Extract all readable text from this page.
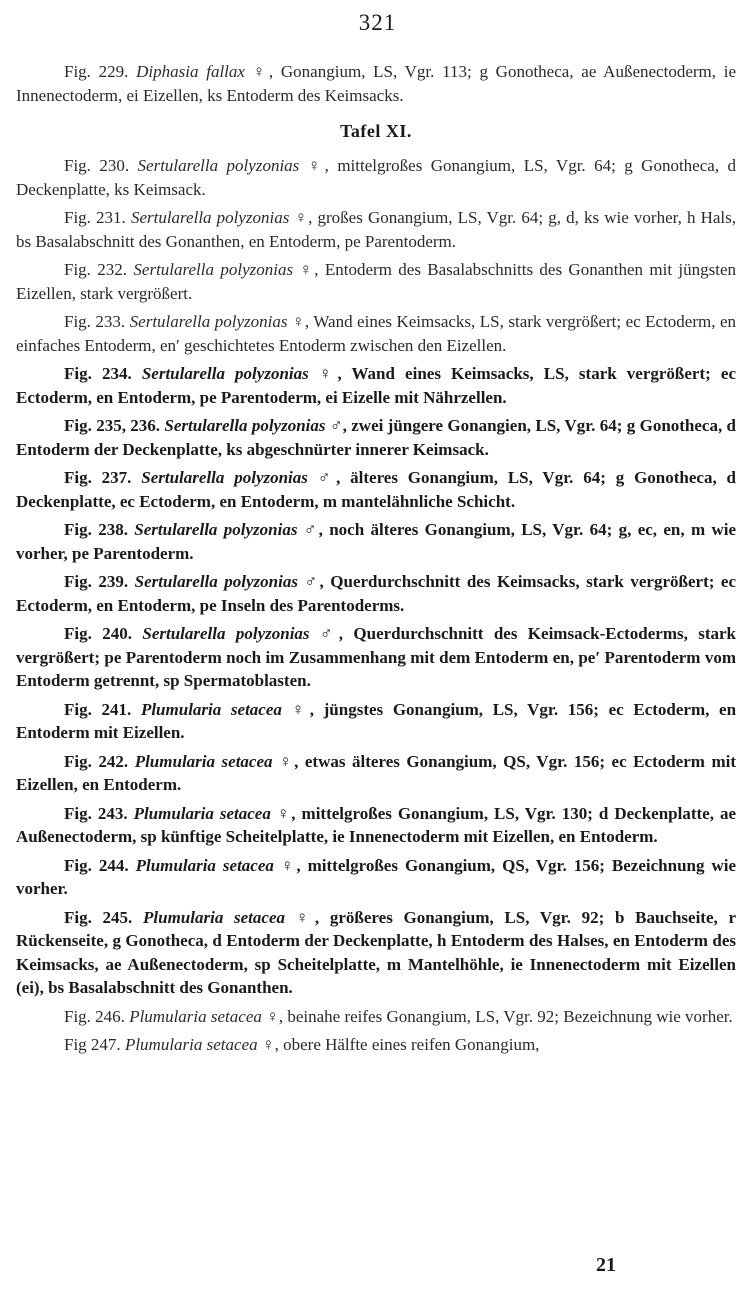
321

Fig. 229. Diphasia fallax ♀, Gonangium, LS, Vgr. 113; g Gonotheca, ae Außenectoderm, ie Innenectoderm, ei Eizellen, ks Entoderm des Keimsacks.

Tafel XI.

Fig. 230. Sertularella polyzonias ♀, mittelgroßes Gonangium, LS, Vgr. 64; g Gonotheca, d Deckenplatte, ks Keimsack.

Fig. 231. Sertularella polyzonias ♀, großes Gonangium, LS, Vgr. 64; g, d, ks wie vorher, h Hals, bs Basalabschnitt des Gonanthen, en Entoderm, pe Parentoderm.

Fig. 232. Sertularella polyzonias ♀, Entoderm des Basalabschnitts des Gonanthen mit jüngsten Eizellen, stark vergrößert.

Fig. 233. Sertularella polyzonias ♀, Wand eines Keimsacks, LS, stark vergrößert; ec Ectoderm, en einfaches Entoderm, en′ geschichtetes Entoderm zwischen den Eizellen.

Fig. 234. Sertularella polyzonias ♀, Wand eines Keimsacks, LS, stark vergrößert; ec Ectoderm, en Entoderm, pe Parentoderm, ei Eizelle mit Nährzellen.

Fig. 235, 236. Sertularella polyzonias ♂, zwei jüngere Gonangien, LS, Vgr. 64; g Gonotheca, d Entoderm der Deckenplatte, ks abgeschnürter innerer Keimsack.

Fig. 237. Sertularella polyzonias ♂, älteres Gonangium, LS, Vgr. 64; g Gonotheca, d Deckenplatte, ec Ectoderm, en Entoderm, m mantelähnliche Schicht.

Fig. 238. Sertularella polyzonias ♂, noch älteres Gonangium, LS, Vgr. 64; g, ec, en, m wie vorher, pe Parentoderm.

Fig. 239. Sertularella polyzonias ♂, Querdurchschnitt des Keimsacks, stark vergrößert; ec Ectoderm, en Entoderm, pe Inseln des Parentoderms.

Fig. 240. Sertularella polyzonias ♂, Querdurchschnitt des Keimsack-Ectoderms, stark vergrößert; pe Parentoderm noch im Zusammenhang mit dem Entoderm en, pe′ Parentoderm vom Entoderm getrennt, sp Spermatoblasten.

Fig. 241. Plumularia setacea ♀, jüngstes Gonangium, LS, Vgr. 156; ec Ectoderm, en Entoderm mit Eizellen.

Fig. 242. Plumularia setacea ♀, etwas älteres Gonangium, QS, Vgr. 156; ec Ectoderm mit Eizellen, en Entoderm.

Fig. 243. Plumularia setacea ♀, mittelgroßes Gonangium, LS, Vgr. 130; d Deckenplatte, ae Außenectoderm, sp künftige Scheitelplatte, ie Innenectoderm mit Eizellen, en Entoderm.

Fig. 244. Plumularia setacea ♀, mittelgroßes Gonangium, QS, Vgr. 156; Bezeichnung wie vorher.

Fig. 245. Plumularia setacea ♀, größeres Gonangium, LS, Vgr. 92; b Bauchseite, r Rückenseite, g Gonotheca, d Entoderm der Deckenplatte, h Entoderm des Halses, en Entoderm des Keimsacks, ae Außenectoderm, sp Scheitelplatte, m Mantelhöhle, ie Innenectoderm mit Eizellen (ei), bs Basalabschnitt des Gonanthen.

Fig. 246. Plumularia setacea ♀, beinahe reifes Gonangium, LS, Vgr. 92; Bezeichnung wie vorher.

Fig 247. Plumularia setacea ♀, obere Hälfte eines reifen Gonangium,

21
